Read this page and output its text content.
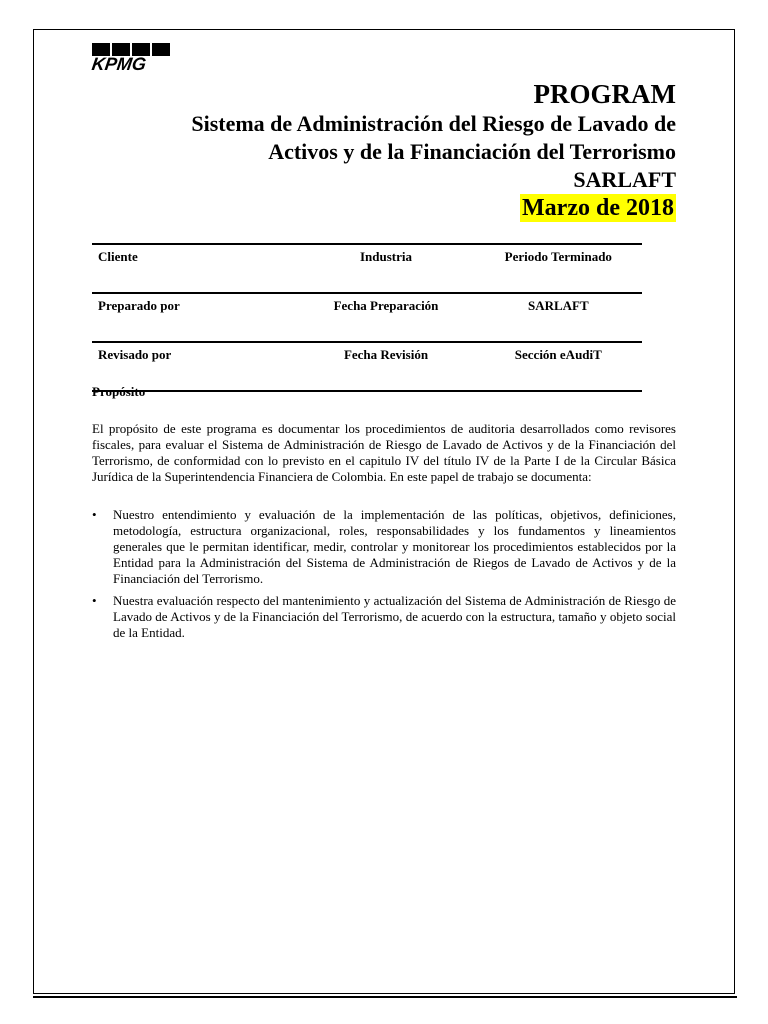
KPMG

PROGRAM

Sistema de Administración del Riesgo de Lavado de

Activos y de la Financiación del Terrorismo

SARLAFT

Marzo de 2018
Cliente	Industria	Periodo Terminado
Preparado por	Fecha Preparación	SARLAFT
Revisado por	Fecha Revisión	Sección eAudiT

Propósito

El propósito de este programa es documentar los procedimientos de auditoria desarrollados como revisores fiscales, para evaluar el Sistema de Administración de Riesgo de Lavado de Activos y de la Financiación del Terrorismo, de conformidad con lo previsto en el capitulo IV del título IV de la Parte I de la Circular Básica Jurídica de la Superintendencia Financiera de Colombia. En este papel de trabajo se documenta:

• Nuestro entendimiento y evaluación de la implementación de las políticas, objetivos, definiciones, metodología, estructura organizacional, roles, responsabilidades y los fundamentos y lineamientos generales que le permitan identificar, medir, controlar y monitorear los procedimientos establecidos por la Entidad para la Administración del Sistema de Administración de Riegos de Lavado de Activos y de la Financiación del Terrorismo.
• Nuestra evaluación respecto del mantenimiento y actualización del Sistema de Administración de Riesgo de Lavado de Activos y de la Financiación del Terrorismo, de acuerdo con la estructura, tamaño y objeto social de la Entidad.
